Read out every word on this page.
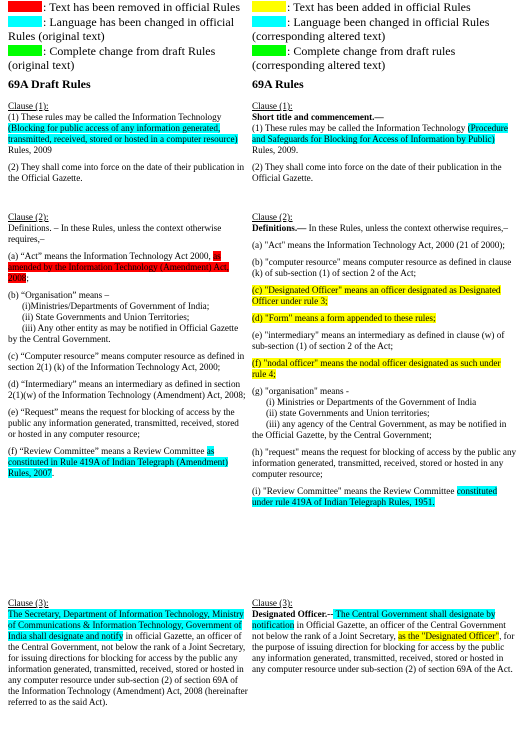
: Text has been removed in official Rules
: Language has been changed in official Rules (original text)
: Complete change from draft Rules (original text)
69A Draft Rules
Clause (1):

(1) These rules may be called the Information Technology (Blocking for public access of any information generated, transmitted, received, stored or hosted in a computer resource) Rules, 2009

(2) They shall come into force on the date of their publication in the Official Gazette.

Clause (2):

Definitions. – In these Rules, unless the context otherwise requires,–

(a) “Act” means the Information Technology Act 2000, as amended by the Information Technology (Amendment) Act, 2008;

(b) “Organisation” means –

(i)Ministries/Departments of Government of India;
(ii) State Governments and Union Territories;

(iii) Any other entity as may be notified in Official Gazette by the Central Government.

(c) “Computer resource” means computer resource as defined in section 2(1) (k) of the Information Technology Act, 2000;

(d) “Intermediary” means an intermediary as defined in section 2(1)(w) of the Information Technology (Amendment) Act, 2008;

(e) “Request” means the request for blocking of access by the public any information generated, transmitted, received, stored or hosted in any computer resource;

(f) “Review Committee” means a Review Committee as constituted in Rule 419A of Indian Telegraph (Amendment) Rules, 2007.

Clause (3):

The Secretary, Department of Information Technology, Ministry of Communications & Information Technology, Government of India shall designate and notify in official Gazette, an officer of the Central Government, not below the rank of a Joint Secretary, for issuing directions for blocking for access by the public any information generated, transmitted, received, stored or hosted in any computer resource under sub-section (2) of section 69A of the Information Technology (Amendment) Act, 2008 (hereinafter referred to as the said Act).

: Text has been added in official Rules
: Language been changed in official Rules (corresponding altered text)
: Complete change from draft rules (corresponding altered text)
69A Rules
Clause (1):
Short title and commencement.—

(1) These rules may be called the Information Technology (Procedure and Safeguards for Blocking for Access of Information by Public) Rules, 2009.

(2) They shall come into force on the date of their publication in the Official Gazette.

Clause (2):

Definitions.— In these Rules, unless the context otherwise requires,–

(a) "Act" means the Information Technology Act, 2000 (21 of 2000);

(b) "computer resource" means computer resource as defined in clause (k) of sub-section (1) of section 2 of the Act;

(c) "Designated Officer" means an officer designated as Designated Officer under rule 3;

(d) "Form" means a form appended to these rules;

(e) "intermediary" means an intermediary as defined in clause (w) of sub-section (1) of section 2 of the Act;

(f) "nodal officer" means the nodal officer designated as such under rule 4;

(g) "organisation" means -

(i) Ministries or Departments of the Government of India
(ii) state Governments and Union territories;

(iii) any agency of the Central Government, as may be notified in the Official Gazette, by the Central Government;

(h) "request" means the request for blocking of access by the public any information generated, transmitted, received, stored or hosted in any computer resource;

(i) "Review Committee" means the Review Committee constituted under rule 419A of Indian Telegraph Rules, 1951.

Clause (3):

Designated Officer.-- The Central Government shall designate by notification in Official Gazette, an officer of the Central Government not below the rank of a Joint Secretary, as the "Designated Officer", for the purpose of issuing direction for blocking for access by the public any information generated, transmitted, received, stored or hosted in any computer resource under sub-section (2) of section 69A of the Act.
